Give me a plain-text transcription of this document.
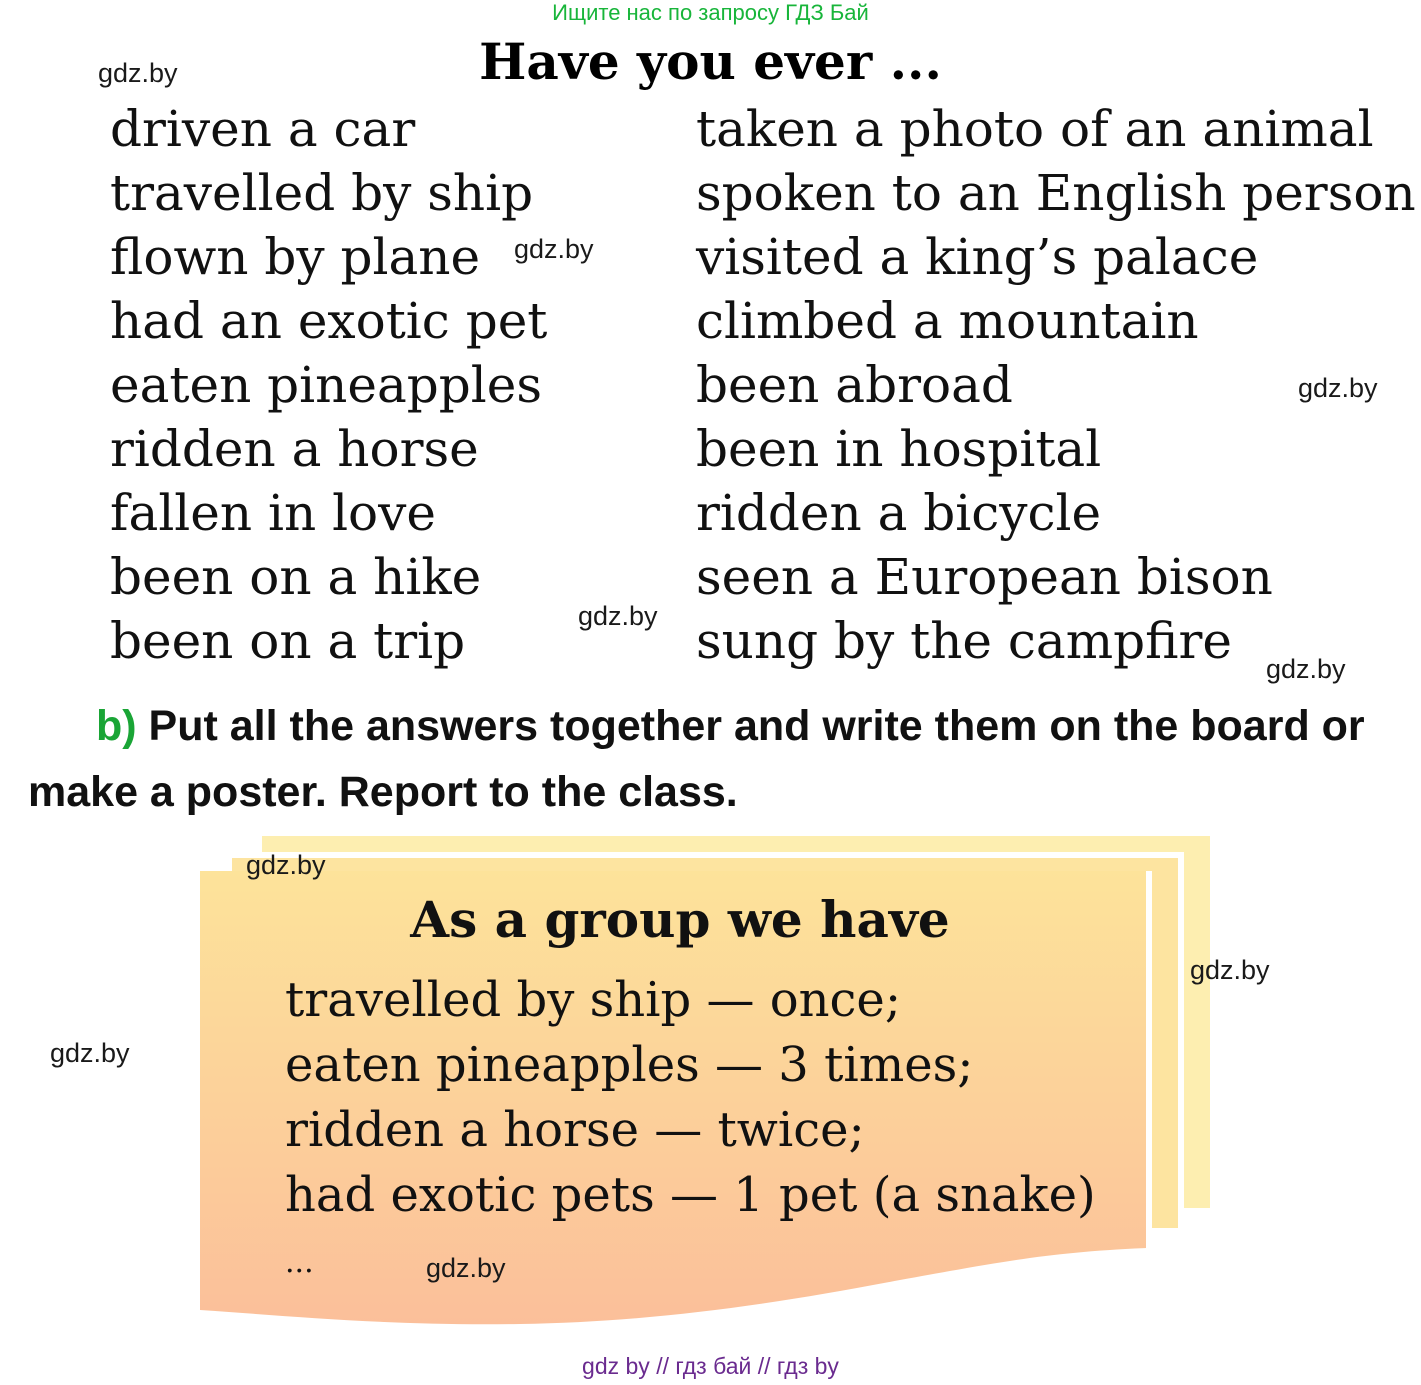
Ищите нас по запросу ГДЗ Бай
Have you ever ...
driven a car
travelled by ship
flown by plane
had an exotic pet
eaten pineapples
ridden a horse
fallen in love
been on a hike
been on a trip
taken a photo of an animal
spoken to an English person
visited a king’s palace
climbed a mountain
been abroad
been in hospital
ridden a bicycle
seen a European bison
sung by the campfire
b) Put all the answers together and write them on the board or make a poster. Report to the class.
As a group we have
travelled by ship — once;
eaten pineapples — 3 times;
ridden a horse — twice;
had exotic pets — 1 pet (a snake)
...
gdz.by
gdz.by
gdz.by
gdz.by
gdz.by
gdz.by
gdz.by
gdz.by
gdz.by
gdz by // гдз бай // гдз by
